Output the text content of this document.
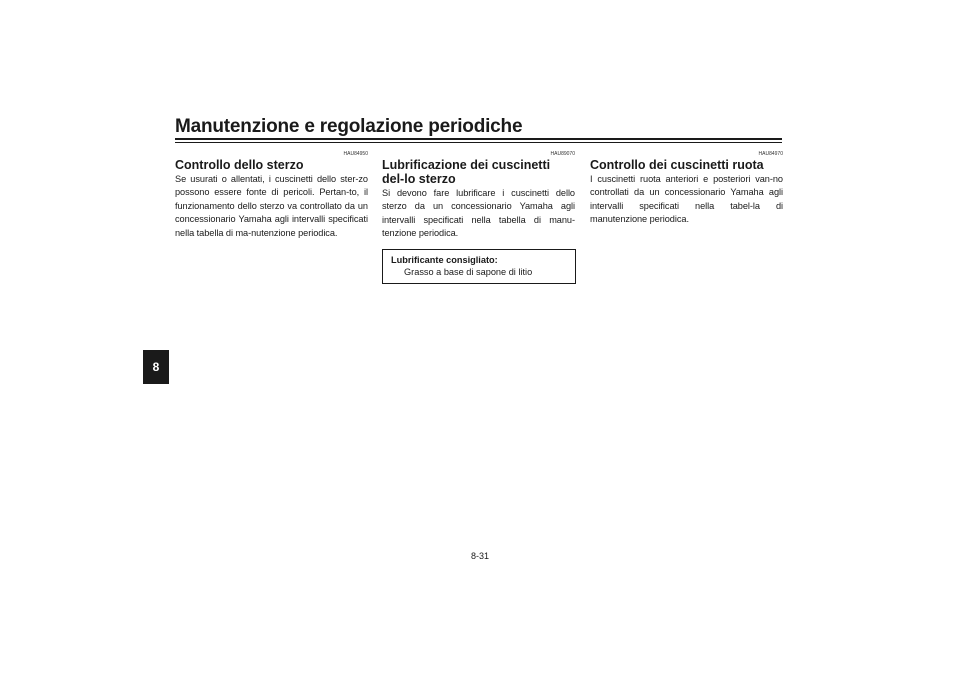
Manutenzione e regolazione periodiche
8
HAU84950
Controllo dello sterzo

Se usurati o allentati, i cuscinetti dello ster-zo possono essere fonte di pericoli. Pertan-to, il funzionamento dello sterzo va controllato da un concessionario Yamaha agli intervalli specificati nella tabella di ma-nutenzione periodica.

HAU89070
Lubrificazione dei cuscinetti del-lo sterzo

Si devono fare lubrificare i cuscinetti dello sterzo da un concessionario Yamaha agli intervalli specificati nella tabella di manu-tenzione periodica.

Lubrificante consigliato:
Grasso a base di sapone di litio
HAU84970
Controllo dei cuscinetti ruota

I cuscinetti ruota anteriori e posteriori van-no controllati da un concessionario Yamaha agli intervalli specificati nella tabel-la di manutenzione periodica.

8-31
